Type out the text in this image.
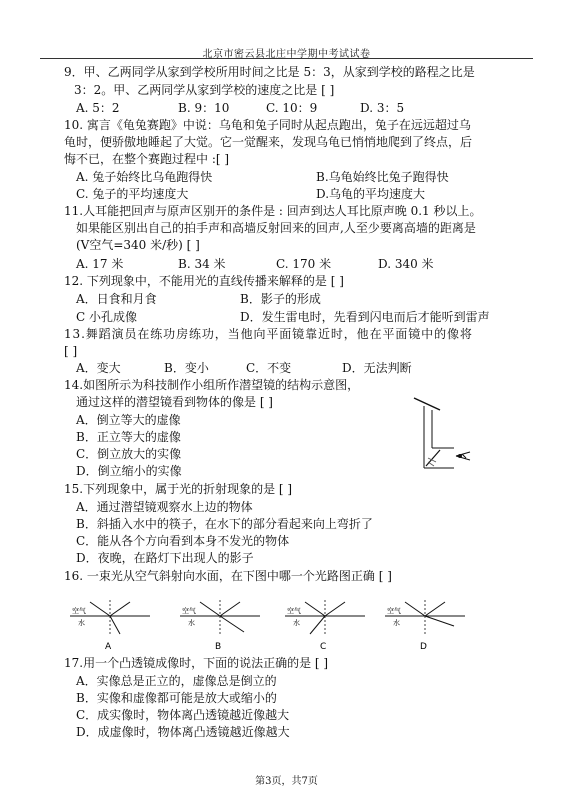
北京市密云县北庄中学期中考试试卷
9．甲、乙两同学从家到学校所用时间之比是 5：3，从家到学校的路程之比是
3：2。甲、乙两同学从家到学校的速度之比是 [ ]
A. 5：2	B. 9：10	C. 10：9	D. 3：5
10. 寓言《龟兔赛跑》中说：乌龟和兔子同时从起点跑出，兔子在远远超过乌
龟时，便骄傲地睡起了大觉。它一觉醒来，发现乌龟已悄悄地爬到了终点，后
悔不已，在整个赛跑过程中 :[ ]
A. 兔子始终比乌龟跑得快	B.乌龟始终比兔子跑得快
C. 兔子的平均速度大	D.乌龟的平均速度大
11.人耳能把回声与原声区别开的条件是 : 回声到达人耳比原声晚 0.1 秒以上。
如果能区别出自己的拍手声和高墙反射回来的回声,人至少要离高墙的距离是
(V空气=340 米/秒) [ ]
A. 17 米	B. 34 米	C. 170 米	D. 340 米
12. 下列现象中，不能用光的直线传播来解释的是 [ ]
A．日食和月食	B．影子的形成
C 小孔成像	D．发生雷电时，先看到闪电而后才能听到雷声
13.舞蹈演员在练功房练功，当他向平面镜靠近时，他在平面镜中的像将
[ ]
A．变大	B．变小	C．不变	D．无法判断
14.如图所示为科技制作小组所作潜望镜的结构示意图，
通过这样的潜望镜看到物体的像是 [ ]
A．倒立等大的虚像
B．正立等大的虚像
C．倒立放大的实像
D．倒立缩小的实像
15.下列现象中，属于光的折射现象的是 [ ]
A．通过潜望镜观察水上边的物体
B．斜插入水中的筷子，在水下的部分看起来向上弯折了
C．能从各个方向看到本身不发光的物体
D．夜晚，在路灯下出现人的影子
16. 一束光从空气斜射向水面，在下图中哪一个光路图正确 [ ]
空气
水
A
空气
水
B
空气
水
C
空气
水
D
17.用一个凸透镜成像时，下面的说法正确的是 [ ]
A．实像总是正立的，虚像总是倒立的
B．实像和虚像都可能是放大或缩小的
C．成实像时，物体离凸透镜越近像越大
D．成虚像时，物体离凸透镜越近像越大
第3页，共7页
